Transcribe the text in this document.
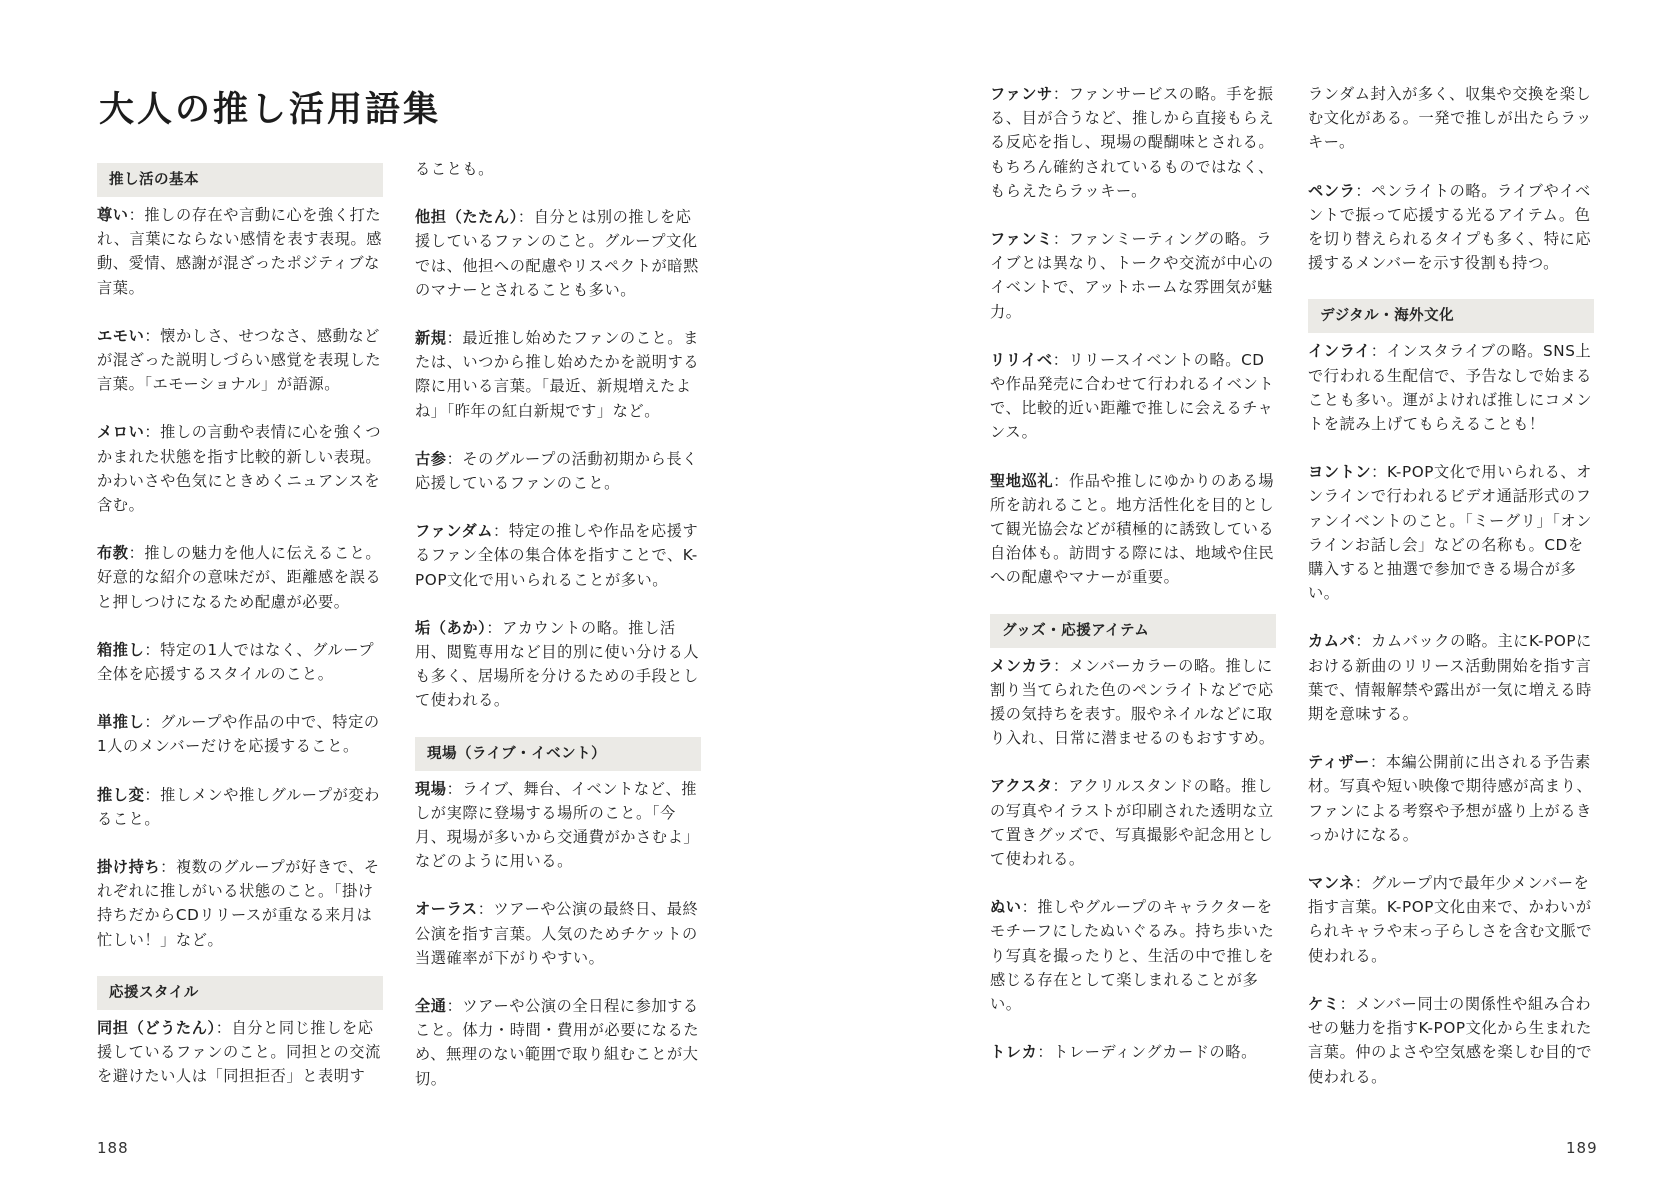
大人の推し活用語集
推し活の基本
尊い：推しの存在や言動に心を強く打たれ、言葉にならない感情を表す表現。感動、愛情、感謝が混ざったポジティブな言葉。
エモい：懐かしさ、せつなさ、感動などが混ざった説明しづらい感覚を表現した言葉。「エモーショナル」が語源。
メロい：推しの言動や表情に心を強くつかまれた状態を指す比較的新しい表現。かわいさや色気にときめくニュアンスを含む。
布教：推しの魅力を他人に伝えること。好意的な紹介の意味だが、距離感を誤ると押しつけになるため配慮が必要。
箱推し：特定の1人ではなく、グループ全体を応援するスタイルのこと。
単推し：グループや作品の中で、特定の1人のメンバーだけを応援すること。
推し変：推しメンや推しグループが変わること。
掛け持ち：複数のグループが好きで、それぞれに推しがいる状態のこと。「掛け持ちだからCDリリースが重なる来月は忙しい！」など。
応援スタイル
同担（どうたん）：自分と同じ推しを応援しているファンのこと。同担との交流を避けたい人は「同担拒否」と表明す
ることも。
他担（たたん）：自分とは別の推しを応援しているファンのこと。グループ文化では、他担への配慮やリスペクトが暗黙のマナーとされることも多い。
新規：最近推し始めたファンのこと。または、いつから推し始めたかを説明する際に用いる言葉。「最近、新規増えたよね」「昨年の紅白新規です」など。
古参：そのグループの活動初期から長く応援しているファンのこと。
ファンダム：特定の推しや作品を応援するファン全体の集合体を指すことで、K-POP文化で用いられることが多い。
垢（あか）：アカウントの略。推し活用、閲覧専用など目的別に使い分ける人も多く、居場所を分けるための手段として使われる。
現場（ライブ・イベント）
現場：ライブ、舞台、イベントなど、推しが実際に登場する場所のこと。「今月、現場が多いから交通費がかさむよ」などのように用いる。
オーラス：ツアーや公演の最終日、最終公演を指す言葉。人気のためチケットの当選確率が下がりやすい。
全通：ツアーや公演の全日程に参加すること。体力・時間・費用が必要になるため、無理のない範囲で取り組むことが大切。
ファンサ：ファンサービスの略。手を振る、目が合うなど、推しから直接もらえる反応を指し、現場の醍醐味とされる。もちろん確約されているものではなく、もらえたらラッキー。
ファンミ：ファンミーティングの略。ライブとは異なり、トークや交流が中心のイベントで、アットホームな雰囲気が魅力。
リリイベ：リリースイベントの略。CDや作品発売に合わせて行われるイベントで、比較的近い距離で推しに会えるチャンス。
聖地巡礼：作品や推しにゆかりのある場所を訪れること。地方活性化を目的として観光協会などが積極的に誘致している自治体も。訪問する際には、地域や住民への配慮やマナーが重要。
グッズ・応援アイテム
メンカラ：メンバーカラーの略。推しに割り当てられた色のペンライトなどで応援の気持ちを表す。服やネイルなどに取り入れ、日常に潜ませるのもおすすめ。
アクスタ：アクリルスタンドの略。推しの写真やイラストが印刷された透明な立て置きグッズで、写真撮影や記念用として使われる。
ぬい：推しやグループのキャラクターをモチーフにしたぬいぐるみ。持ち歩いたり写真を撮ったりと、生活の中で推しを感じる存在として楽しまれることが多い。
トレカ：トレーディングカードの略。
ランダム封入が多く、収集や交換を楽しむ文化がある。一発で推しが出たらラッキー。
ペンラ：ペンライトの略。ライブやイベントで振って応援する光るアイテム。色を切り替えられるタイプも多く、特に応援するメンバーを示す役割も持つ。
デジタル・海外文化
インライ：インスタライブの略。SNS上で行われる生配信で、予告なしで始まることも多い。運がよければ推しにコメントを読み上げてもらえることも！
ヨントン：K-POP文化で用いられる、オンラインで行われるビデオ通話形式のファンイベントのこと。「ミーグリ」「オンラインお話し会」などの名称も。CDを購入すると抽選で参加できる場合が多い。
カムバ：カムバックの略。主にK-POPにおける新曲のリリース活動開始を指す言葉で、情報解禁や露出が一気に増える時期を意味する。
ティザー：本編公開前に出される予告素材。写真や短い映像で期待感が高まり、ファンによる考察や予想が盛り上がるきっかけになる。
マンネ：グループ内で最年少メンバーを指す言葉。K-POP文化由来で、かわいがられキャラや末っ子らしさを含む文脈で使われる。
ケミ：メンバー同士の関係性や組み合わせの魅力を指すK-POP文化から生まれた言葉。仲のよさや空気感を楽しむ目的で使われる。
188	189
